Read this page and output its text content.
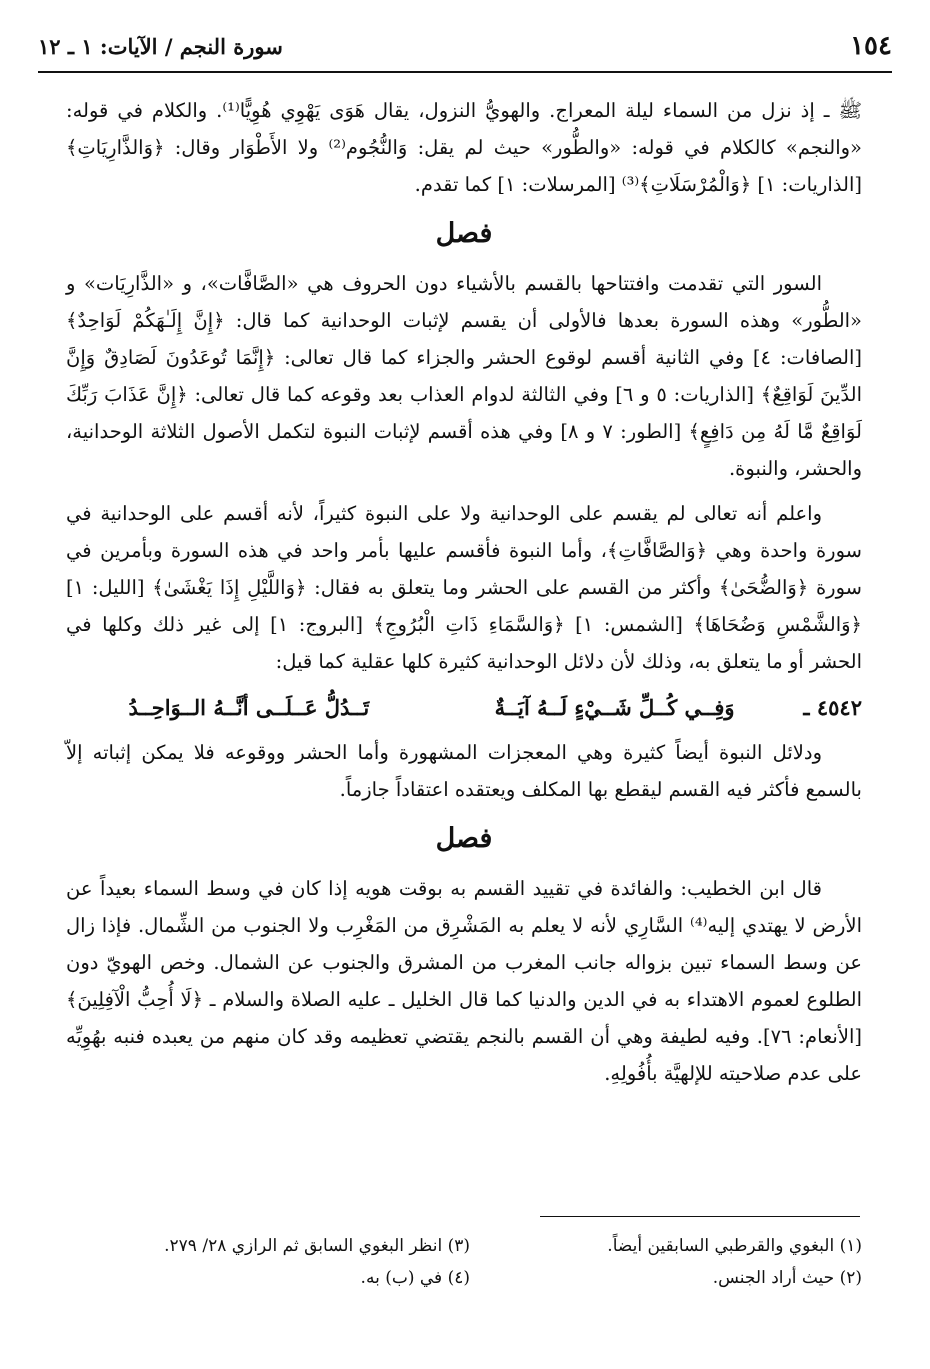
١٥٤
سورة النجم / الآيات: ١ ـ ١٢

ﷺ ـ إذ نزل من السماء ليلة المعراج. والهويُّ النزول، يقال هَوَى يَهْوِي هُوِيًّا⁽¹⁾. والكلام في قوله: «والنجم» كالكلام في قوله: «والطُّور» حيث لم يقل: وَالنُّجُوم⁽²⁾ ولا الأَطْوَار وقال: ﴿وَالذَّارِيَاتِ﴾ [الذاريات: ١] ﴿وَالْمُرْسَلَاتِ﴾⁽³⁾ [المرسلات: ١] كما تقدم.

فصل

السور التي تقدمت وافتتاحها بالقسم بالأشياء دون الحروف هي «الصَّافَّات»، و «الذَّارِيَات» و «الطُّور» وهذه السورة بعدها فالأولى أن يقسم لإثبات الوحدانية كما قال: ﴿إِنَّ إِلَـٰهَكُمْ لَوَاحِدٌ﴾ [الصافات: ٤] وفي الثانية أقسم لوقوع الحشر والجزاء كما قال تعالى: ﴿إِنَّمَا تُوعَدُونَ لَصَادِقٌ وَإِنَّ الدِّينَ لَوَاقِعٌ﴾ [الذاريات: ٥ و ٦] وفي الثالثة لدوام العذاب بعد وقوعه كما قال تعالى: ﴿إِنَّ عَذَابَ رَبِّكَ لَوَاقِعٌ مَّا لَهُ مِن دَافِعٍ﴾ [الطور: ٧ و ٨] وفي هذه أقسم لإثبات النبوة لتكمل الأصول الثلاثة الوحدانية، والحشر، والنبوة.

واعلم أنه تعالى لم يقسم على الوحدانية ولا على النبوة كثيراً، لأنه أقسم على الوحدانية في سورة واحدة وهي ﴿وَالصَّافَّاتِ﴾، وأما النبوة فأقسم عليها بأمر واحد في هذه السورة وبأمرين في سورة ﴿وَالضُّحَىٰ﴾ وأكثر من القسم على الحشر وما يتعلق به فقال: ﴿وَاللَّيْلِ إِذَا يَغْشَىٰ﴾ [الليل: ١] ﴿وَالشَّمْسِ وَضُحَاهَا﴾ [الشمس: ١] ﴿وَالسَّمَاءِ ذَاتِ الْبُرُوجِ﴾ [البروج: ١] إلى غير ذلك وكلها في الحشر أو ما يتعلق به، وذلك لأن دلائل الوحدانية كثيرة كلها عقلية كما قيل:

٤٥٤٢ ـ
وَفِــي كُــلِّ شَــيْءٍ لَــهُ آيَــةٌ
تَــدُلُّ عَــلَــى أنَّــهُ الــوَاحِــدُ

ودلائل النبوة أيضاً كثيرة وهي المعجزات المشهورة وأما الحشر ووقوعه فلا يمكن إثباته إلاّ بالسمع فأكثر فيه القسم ليقطع بها المكلف ويعتقده اعتقاداً جازماً.

فصل

قال ابن الخطيب: والفائدة في تقييد القسم به بوقت هويه إذا كان في وسط السماء بعيداً عن الأرض لا يهتدي إليه⁽⁴⁾ السَّارِي لأنه لا يعلم به المَشْرِق من المَغْرِب ولا الجنوب من الشِّمال. فإذا زال عن وسط السماء تبين بزواله جانب المغرب من المشرق والجنوب عن الشمال. وخص الهويّ دون الطلوع لعموم الاهتداء به في الدين والدنيا كما قال الخليل ـ عليه الصلاة والسلام ـ ﴿لَا أُحِبُّ الْآفِلِينَ﴾ [الأنعام: ٧٦]. وفيه لطيفة وهي أن القسم بالنجم يقتضي تعظيمه وقد كان منهم من يعبده فنبه بهُوِيِّه على عدم صلاحيته للإلهيَّة بأُفُولِهِ.

(١) البغوي والقرطبي السابقين أيضاً.
(٢) حيث أراد الجنس.
(٣) انظر البغوي السابق ثم الرازي ٢٨/ ٢٧٩.
(٤) في (ب) به.
